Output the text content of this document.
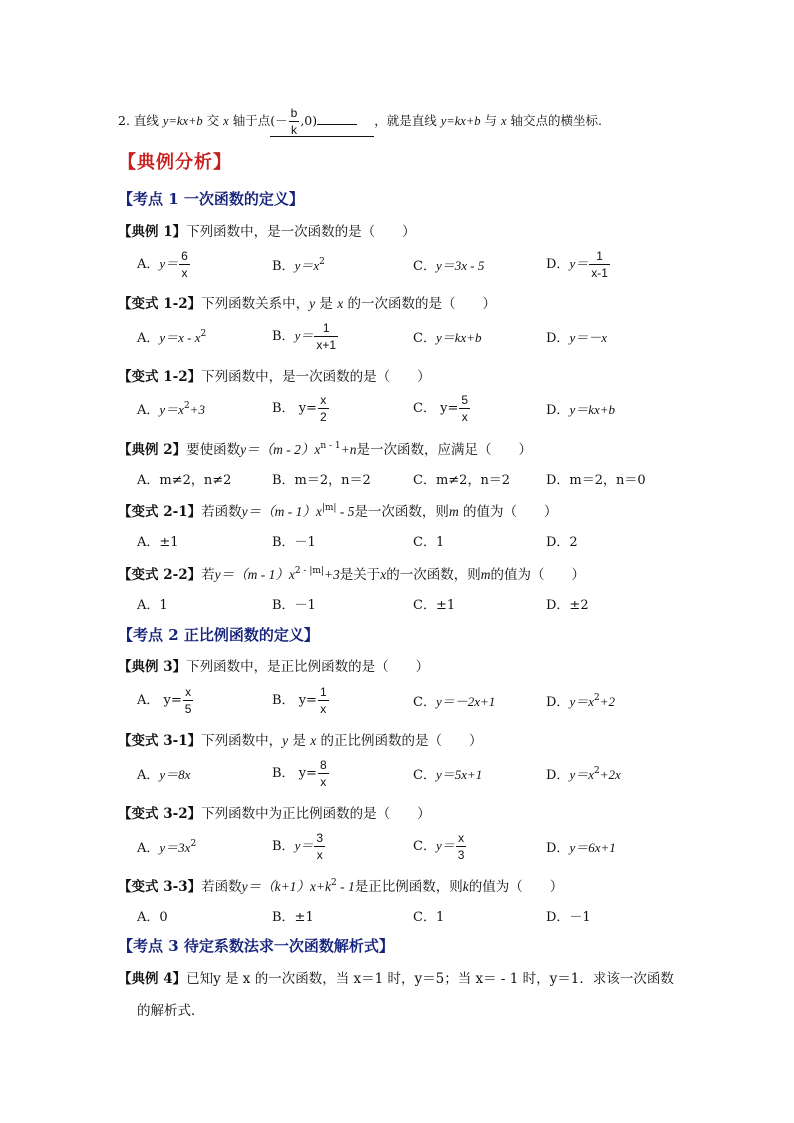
2. 直线 y=kx+b 交 x 轴于点(－ $\frac{b}{k} ,0$)	，就是直线 y=kx+b 与 x 轴交点的横坐标.
【典例分析】
【考点 1 一次函数的定义】
【典例 1】下列函数中，是一次函数的是（　　）
A．$y= \frac{6}{x}$	B．$y=x^2$	C．y＝3x - 5	D．$y= \frac{1}{x-1}$
【变式 1-2】下列函数关系中，y 是 x 的一次函数的是（　　）
A．$y=x - x^2$	B．$y= \frac{1}{x+1}$	C．y＝kx+b	D．y＝－x
【变式 1-2】下列函数中，是一次函数的是（　　）
A．$y=x^2+3$	B． $y= \frac{x}{2}$	C． $y= \frac{5}{x}$	D．y＝kx+b
【典例 2】要使函数$y=(m - 2)x^{n - 1}+n$是一次函数，应满足（　　）
A．m≠2，n≠2	B．m＝2，n＝2	C．m≠2，n＝2	D．m＝2，n＝0
【变式 2-1】若函数$y=(m - 1)x^{|m|} - 5$是一次函数，则m 的值为（　　）
A．±1	B．－1	C．1	D．2
【变式 2-2】若$y=(m - 1)x^{2 - |m|}+3$是关于x的一次函数，则m的值为（　　）
A．1	B．－1	C．±1	D．±2
【考点 2 正比例函数的定义】
【典例 3】下列函数中，是正比例函数的是（　　）
A． $y= \frac{x}{5}$	B． $y= \frac{1}{x}$	C．y＝－2x+1	D．$y=x^2+2$
【变式 3-1】下列函数中，y 是 x 的正比例函数的是（　　）
A．y＝8x	B． $y= \frac{8}{x}$	C．y＝5x+1	D．$y=x^2+2x$
【变式 3-2】下列函数中为正比例函数的是（　　）
A．$y=3x^2$	B．$y= \frac{3}{x}$	C．$y= \frac{x}{3}$	D．y＝6x+1
【变式 3-3】若函数$y=(k+1)x+k^2 - 1$是正比例函数，则k的值为（　　）
A．0	B．±1	C．1	D．－1
【考点 3 待定系数法求一次函数解析式】
【典例 4】已知y 是 x 的一次函数，当 x＝1 时，y＝5；当 x＝ - 1 时，y＝1．求该一次函数
的解析式．
